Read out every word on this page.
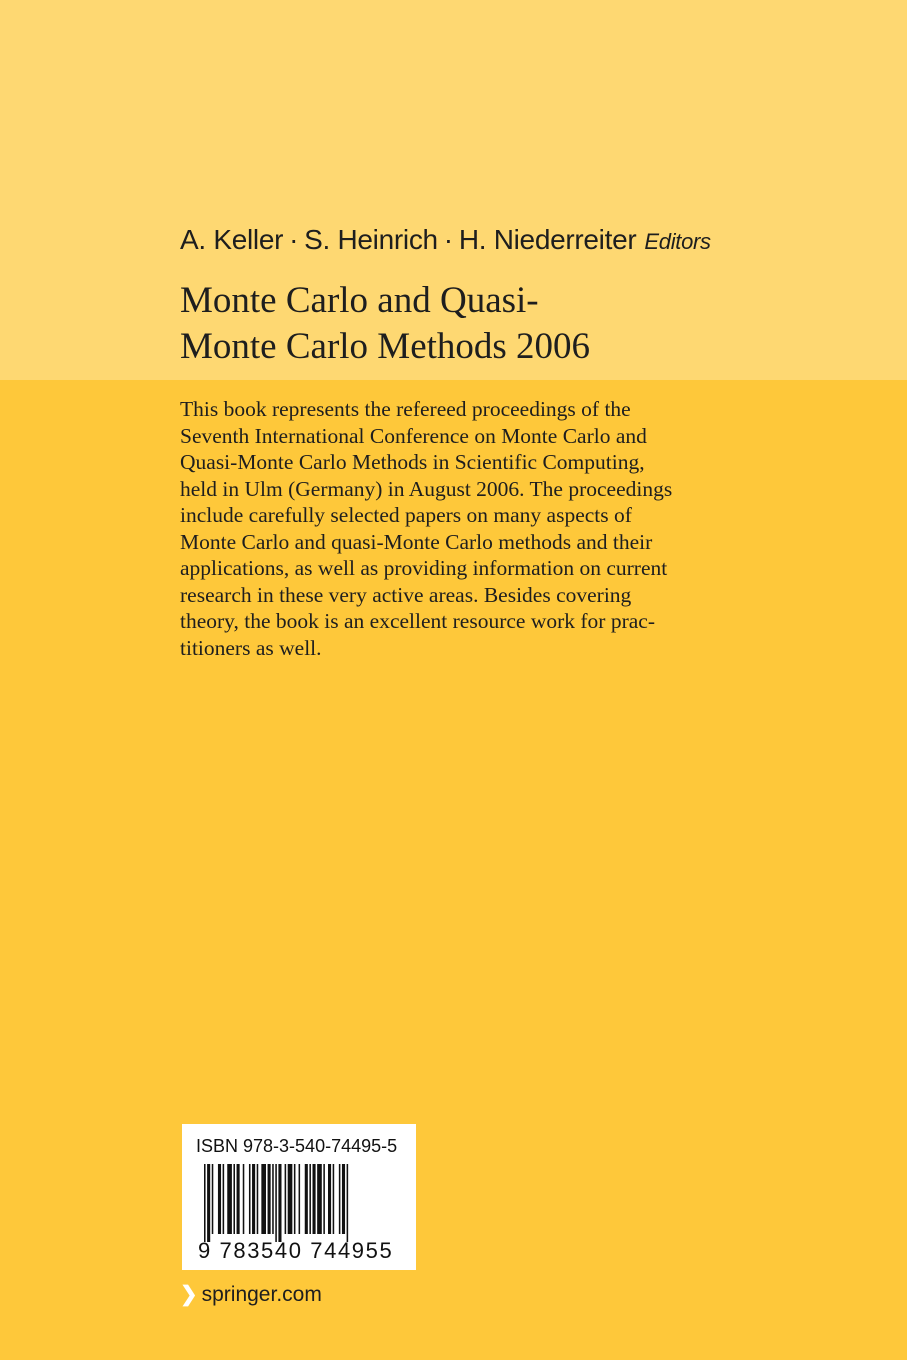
A. Keller · S. Heinrich · H. Niederreiter Editors
Monte Carlo and Quasi-
Monte Carlo Methods 2006
This book represents the refereed proceedings of the
Seventh International Conference on Monte Carlo and
Quasi-Monte Carlo Methods in Scientific Computing,
held in Ulm (Germany) in August 2006. The proceedings
include carefully selected papers on many aspects of
Monte Carlo and quasi-Monte Carlo methods and their
applications, as well as providing information on current
research in these very active areas. Besides covering
theory, the book is an excellent resource work for prac-
titioners as well.
ISBN 978-3-540-74495-5
9 783540 744955
❯ springer.com
